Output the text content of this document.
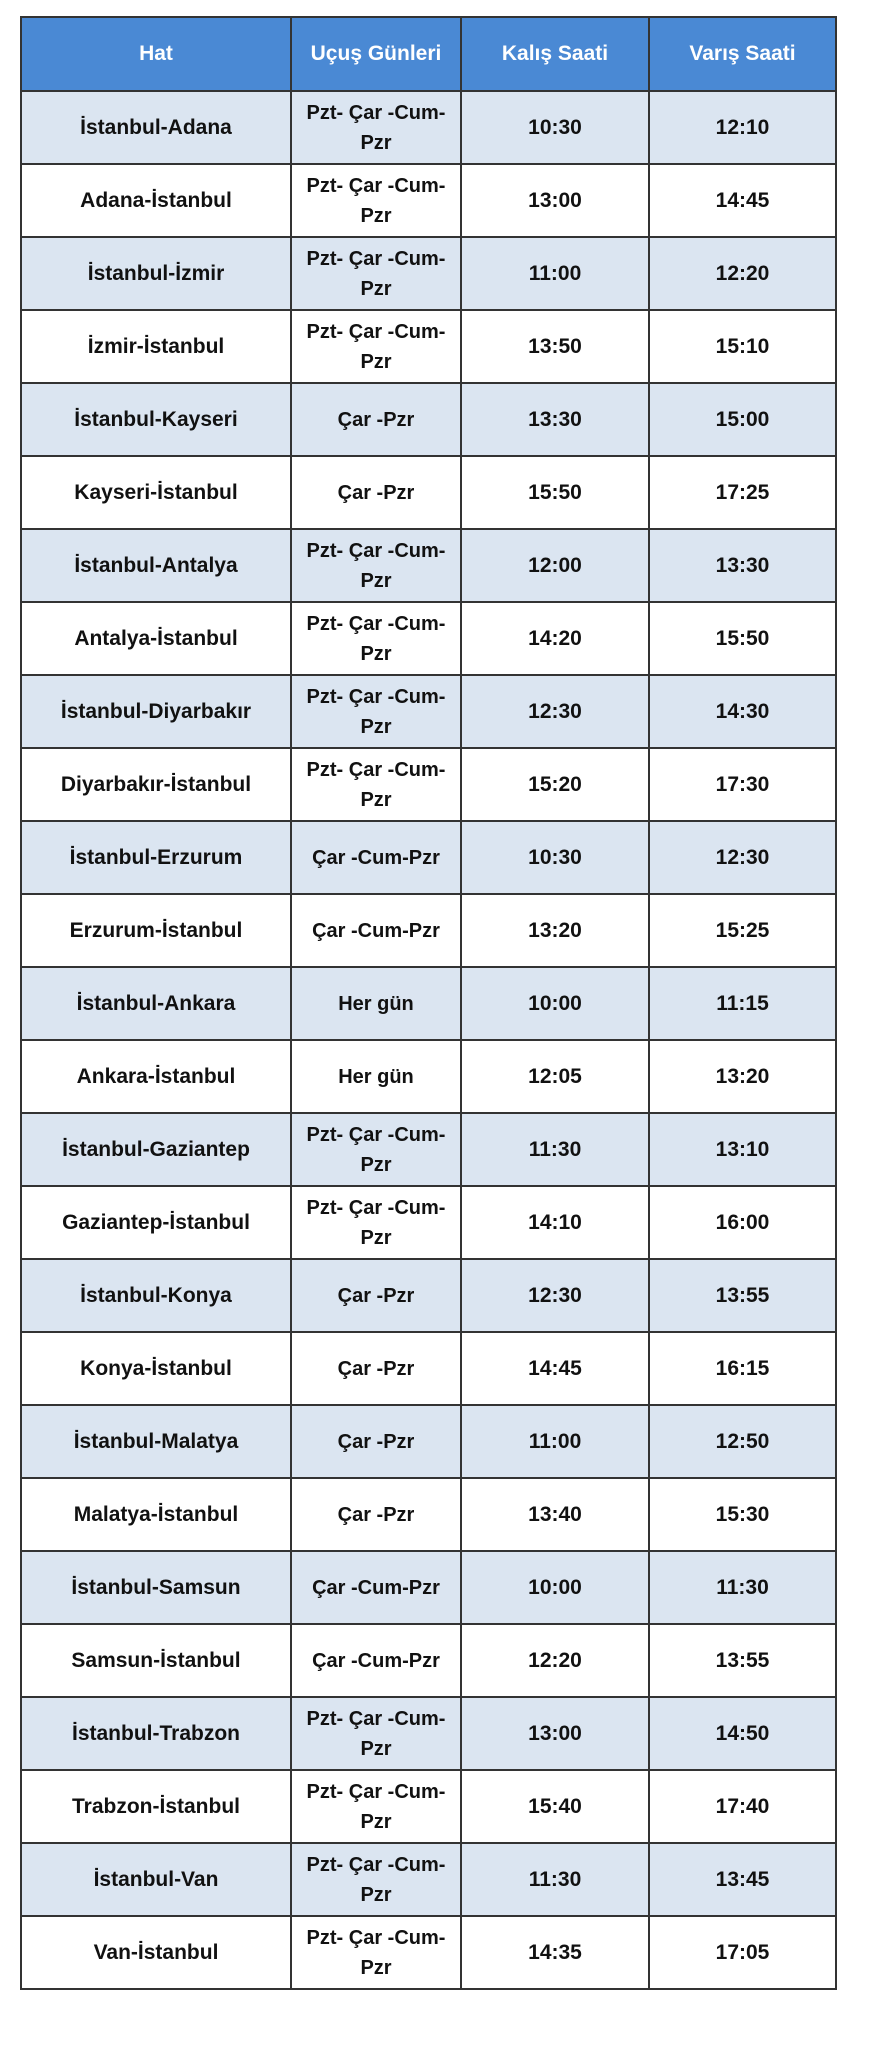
Hat	Uçuş Günleri	Kalış Saati	Varış Saati
İstanbul-Adana	Pzt- Çar -Cum- Pzr	10:30	12:10
Adana-İstanbul	Pzt- Çar -Cum- Pzr	13:00	14:45
İstanbul-İzmir	Pzt- Çar -Cum- Pzr	11:00	12:20
İzmir-İstanbul	Pzt- Çar -Cum- Pzr	13:50	15:10
İstanbul-Kayseri	Çar -Pzr	13:30	15:00
Kayseri-İstanbul	Çar -Pzr	15:50	17:25
İstanbul-Antalya	Pzt- Çar -Cum- Pzr	12:00	13:30
Antalya-İstanbul	Pzt- Çar -Cum- Pzr	14:20	15:50
İstanbul-Diyarbakır	Pzt- Çar -Cum- Pzr	12:30	14:30
Diyarbakır-İstanbul	Pzt- Çar -Cum- Pzr	15:20	17:30
İstanbul-Erzurum	Çar -Cum-Pzr	10:30	12:30
Erzurum-İstanbul	Çar -Cum-Pzr	13:20	15:25
İstanbul-Ankara	Her gün	10:00	11:15
Ankara-İstanbul	Her gün	12:05	13:20
İstanbul-Gaziantep	Pzt- Çar -Cum- Pzr	11:30	13:10
Gaziantep-İstanbul	Pzt- Çar -Cum- Pzr	14:10	16:00
İstanbul-Konya	Çar -Pzr	12:30	13:55
Konya-İstanbul	Çar -Pzr	14:45	16:15
İstanbul-Malatya	Çar -Pzr	11:00	12:50
Malatya-İstanbul	Çar -Pzr	13:40	15:30
İstanbul-Samsun	Çar -Cum-Pzr	10:00	11:30
Samsun-İstanbul	Çar -Cum-Pzr	12:20	13:55
İstanbul-Trabzon	Pzt- Çar -Cum- Pzr	13:00	14:50
Trabzon-İstanbul	Pzt- Çar -Cum- Pzr	15:40	17:40
İstanbul-Van	Pzt- Çar -Cum- Pzr	11:30	13:45
Van-İstanbul	Pzt- Çar -Cum- Pzr	14:35	17:05
